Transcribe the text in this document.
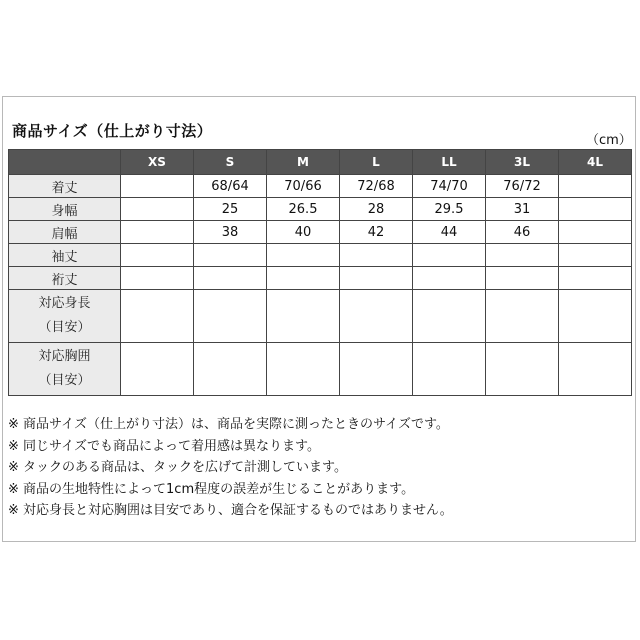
商品サイズ（仕上がり寸法）
（cm）
	XS	S	M	L	LL	3L	4L
着丈		68/64	70/66	72/68	74/70	76/72	
身幅		25	26.5	28	29.5	31	
肩幅		38	40	42	44	46	
袖丈							
裄丈							

対応身長
（目安）							

対応胸囲
（目安）							

※ 商品サイズ（仕上がり寸法）は、商品を実際に測ったときのサイズです。
※ 同じサイズでも商品によって着用感は異なります。
※ タックのある商品は、タックを広げて計測しています。
※ 商品の生地特性によって1cm程度の誤差が生じることがあります。
※ 対応身長と対応胸囲は目安であり、適合を保証するものではありません。
